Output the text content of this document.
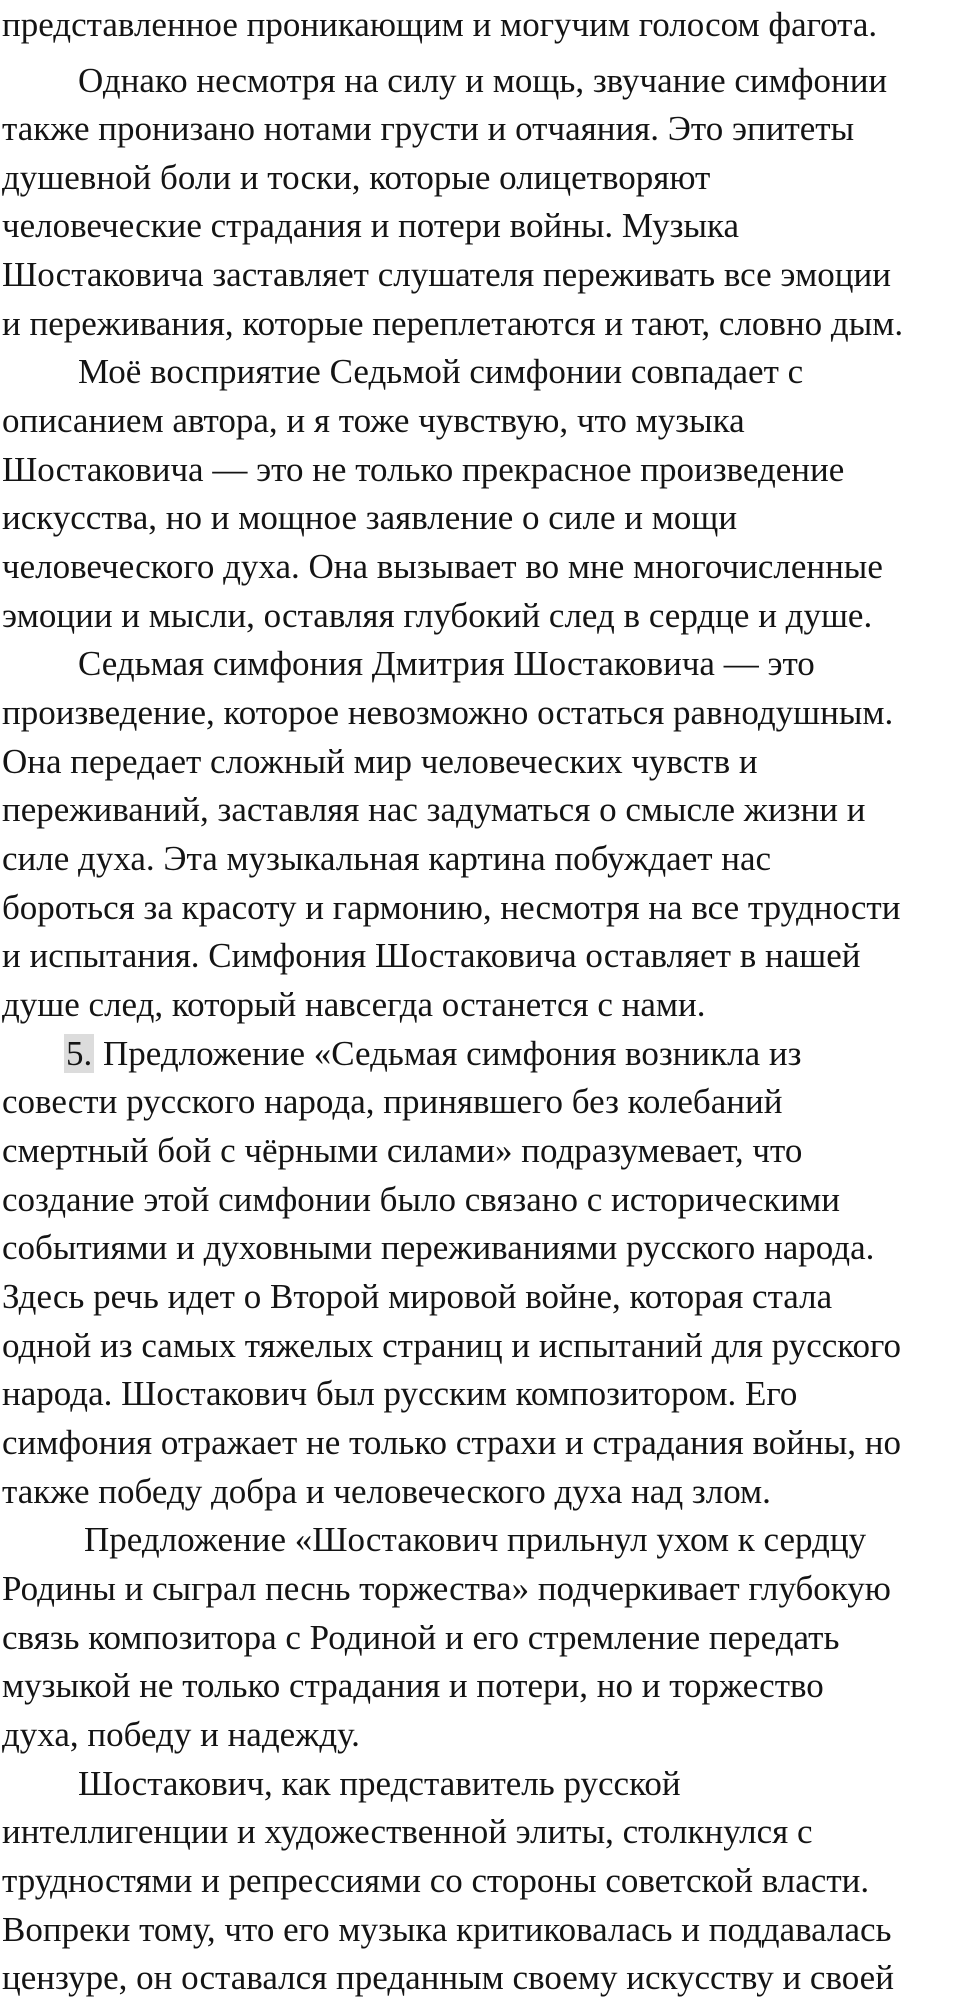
представленное проникающим и могучим голосом фагота.
Однако несмотря на силу и мощь, звучание симфонии
также пронизано нотами грусти и отчаяния. Это эпитеты
душевной боли и тоски, которые олицетворяют
человеческие страдания и потери войны. Музыка
Шостаковича заставляет слушателя переживать все эмоции
и переживания, которые переплетаются и тают, словно дым.
Моё восприятие Седьмой симфонии совпадает с
описанием автора, и я тоже чувствую, что музыка
Шостаковича — это не только прекрасное произведение
искусства, но и мощное заявление о силе и мощи
человеческого духа. Она вызывает во мне многочисленные
эмоции и мысли, оставляя глубокий след в сердце и душе.
Седьмая симфония Дмитрия Шостаковича — это
произведение, которое невозможно остаться равнодушным.
Она передает сложный мир человеческих чувств и
переживаний, заставляя нас задуматься о смысле жизни и
силе духа. Эта музыкальная картина побуждает нас
бороться за красоту и гармонию, несмотря на все трудности
и испытания. Симфония Шостаковича оставляет в нашей
душе след, который навсегда останется с нами.
5. Предложение «Седьмая симфония возникла из
совести русского народа, принявшего без колебаний
смертный бой с чёрными силами» подразумевает, что
создание этой симфонии было связано с историческими
событиями и духовными переживаниями русского народа.
Здесь речь идет о Второй мировой войне, которая стала
одной из самых тяжелых страниц и испытаний для русского
народа. Шостакович был русским композитором. Его
симфония отражает не только страхи и страдания войны, но
также победу добра и человеческого духа над злом.
Предложение «Шостакович прильнул ухом к сердцу
Родины и сыграл песнь торжества» подчеркивает глубокую
связь композитора с Родиной и его стремление передать
музыкой не только страдания и потери, но и торжество
духа, победу и надежду.
Шостакович, как представитель русской
интеллигенции и художественной элиты, столкнулся с
трудностями и репрессиями со стороны советской власти.
Вопреки тому, что его музыка критиковалась и поддавалась
цензуре, он оставался преданным своему искусству и своей
